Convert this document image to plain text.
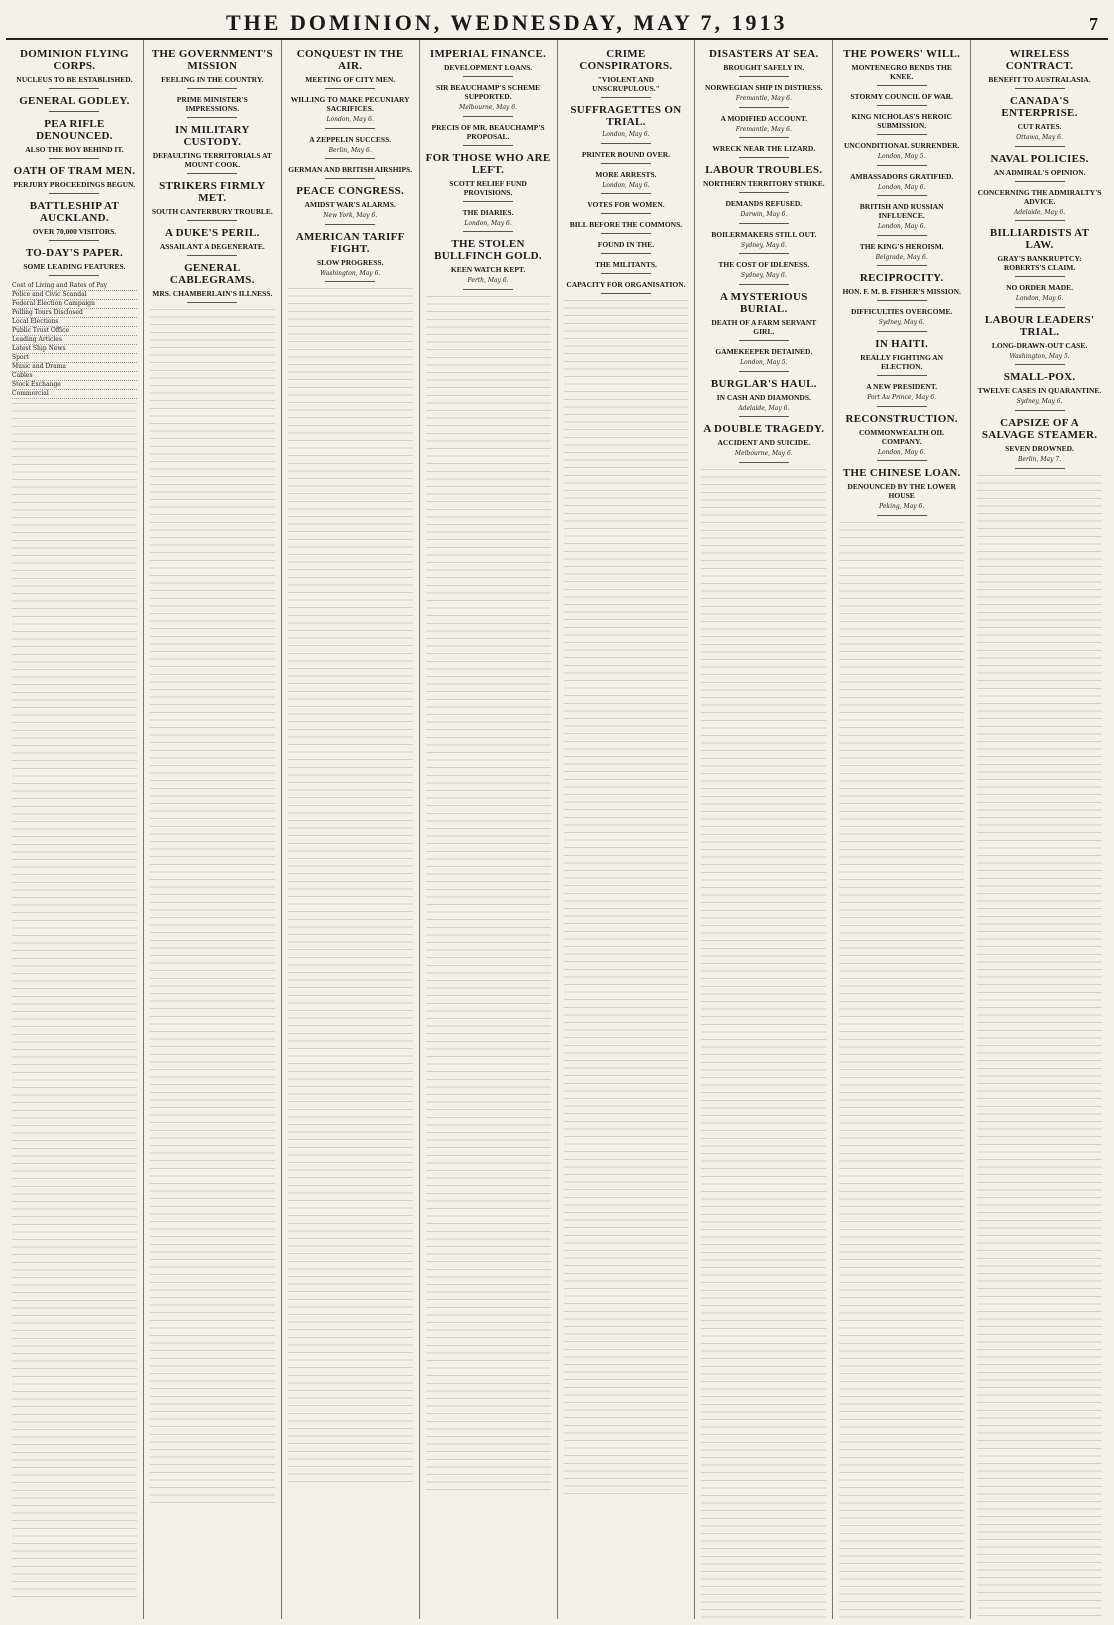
THE DOMINION, WEDNESDAY, MAY 7, 1913	7
DOMINION FLYING CORPS.
NUCLEUS TO BE ESTABLISHED.
GENERAL GODLEY.
PEA RIFLE DENOUNCED.
ALSO THE BOY BEHIND IT.
OATH OF TRAM MEN.
PERJURY PROCEEDINGS BEGUN.
BATTLESHIP AT AUCKLAND.
OVER 70,000 VISITORS.
TO-DAY'S PAPER.
SOME LEADING FEATURES.
Cost of Living and Rates of Pay
Police and Civic Scandal
Federal Election Campaign
Polling Tours Disclosed
Local Elections
Public Trust Office
Leading Articles
Latest Ship News
Sport
Music and Drama
Cables
Stock Exchange
Commercial
THE GOVERNMENT'S MISSION
FEELING IN THE COUNTRY.
PRIME MINISTER'S IMPRESSIONS.
IN MILITARY CUSTODY.
DEFAULTING TERRITORIALS AT MOUNT COOK.
STRIKERS FIRMLY MET.
SOUTH CANTERBURY TROUBLE.
A DUKE'S PERIL.
ASSAILANT A DEGENERATE.
GENERAL CABLEGRAMS.
MRS. CHAMBERLAIN'S ILLNESS.
CONQUEST IN THE AIR.
MEETING OF CITY MEN.
WILLING TO MAKE PECUNIARY SACRIFICES.
London, May 6.
A ZEPPELIN SUCCESS.
Berlin, May 6.
GERMAN AND BRITISH AIRSHIPS.
PEACE CONGRESS.
AMIDST WAR'S ALARMS.
New York, May 6.
AMERICAN TARIFF FIGHT.
SLOW PROGRESS.
Washington, May 6.
IMPERIAL FINANCE.
DEVELOPMENT LOANS.
SIR BEAUCHAMP'S SCHEME SUPPORTED.
Melbourne, May 6.
PRECIS OF MR. BEAUCHAMP'S PROPOSAL.
FOR THOSE WHO ARE LEFT.
SCOTT RELIEF FUND PROVISIONS.
THE DIARIES.
London, May 6.
THE STOLEN BULLFINCH GOLD.
KEEN WATCH KEPT.
Perth, May 6.
CRIME CONSPIRATORS.
"VIOLENT AND UNSCRUPULOUS."
SUFFRAGETTES ON TRIAL.
London, May 6.
PRINTER BOUND OVER.
MORE ARRESTS.
London, May 6.
VOTES FOR WOMEN.
BILL BEFORE THE COMMONS.
FOUND IN THE.
THE MILITANTS.
CAPACITY FOR ORGANISATION.
DISASTERS AT SEA.
BROUGHT SAFELY IN.
NORWEGIAN SHIP IN DISTRESS.
Fremantle, May 6.
A MODIFIED ACCOUNT.
Fremantle, May 6.
WRECK NEAR THE LIZARD.
LABOUR TROUBLES.
NORTHERN TERRITORY STRIKE.
DEMANDS REFUSED.
Darwin, May 6.
BOILERMAKERS STILL OUT.
Sydney, May 6.
THE COST OF IDLENESS.
Sydney, May 6.
A MYSTERIOUS BURIAL.
DEATH OF A FARM SERVANT GIRL.
GAMEKEEPER DETAINED.
London, May 5.
BURGLAR'S HAUL.
IN CASH AND DIAMONDS.
Adelaide, May 6.
A DOUBLE TRAGEDY.
ACCIDENT AND SUICIDE.
Melbourne, May 6.
THE POWERS' WILL.
MONTENEGRO BENDS THE KNEE.
STORMY COUNCIL OF WAR.
KING NICHOLAS'S HEROIC SUBMISSION.
UNCONDITIONAL SURRENDER.
London, May 5.
AMBASSADORS GRATIFIED.
London, May 6.
BRITISH AND RUSSIAN INFLUENCE.
London, May 6.
THE KING'S HEROISM.
Belgrade, May 6.
RECIPROCITY.
HON. F. M. B. FISHER'S MISSION.
DIFFICULTIES OVERCOME.
Sydney, May 6.
IN HAITI.
REALLY FIGHTING AN ELECTION.
A NEW PRESIDENT.
Port Au Prince, May 6.
RECONSTRUCTION.
COMMONWEALTH OIL COMPANY.
London, May 6.
THE CHINESE LOAN.
DENOUNCED BY THE LOWER HOUSE
Peking, May 6.
WIRELESS CONTRACT.
BENEFIT TO AUSTRALASIA.
CANADA'S ENTERPRISE.
CUT RATES.
Ottawa, May 6.
NAVAL POLICIES.
AN ADMIRAL'S OPINION.
CONCERNING THE ADMIRALTY'S ADVICE.
Adelaide, May 6.
BILLIARDISTS AT LAW.
GRAY'S BANKRUPTCY: ROBERTS'S CLAIM.
NO ORDER MADE.
London, May 6.
LABOUR LEADERS' TRIAL.
LONG-DRAWN-OUT CASE.
Washington, May 5.
SMALL-POX.
TWELVE CASES IN QUARANTINE.
Sydney, May 6.
CAPSIZE OF A SALVAGE STEAMER.
SEVEN DROWNED.
Berlin, May 7.
